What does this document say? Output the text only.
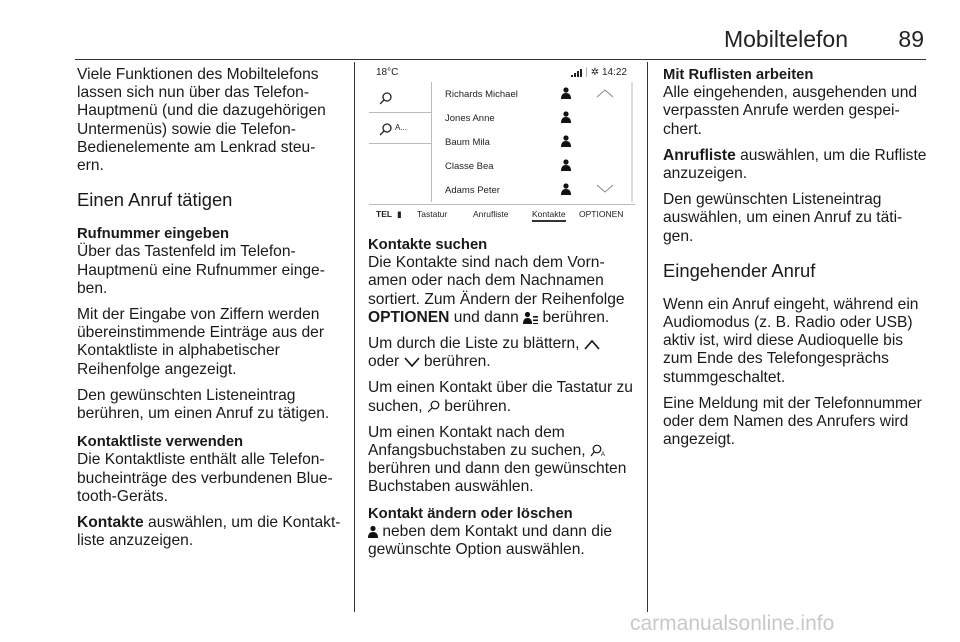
Mobiltelefon 89

Viele Funktionen des Mobiltelefons lassen sich nun über das Telefon-Hauptmenü (und die dazugehörigen Untermenüs) sowie die Telefon-Bedienelemente am Lenkrad steu-ern.

Einen Anruf tätigen
Rufnummer eingeben

Über das Tastenfeld im Telefon-Hauptmenü eine Rufnummer einge-ben.

Mit der Eingabe von Ziffern werden übereinstimmende Einträge aus der Kontaktliste in alphabetischer Reihenfolge angezeigt.

Den gewünschten Listeneintrag berühren, um einen Anruf zu tätigen.

Kontaktliste verwenden

Die Kontaktliste enthält alle Telefon-bucheinträge des verbundenen Blue-tooth-Geräts.

Kontakte auswählen, um die Kontakt-liste anzuzeigen.

18°C	| ✲ 14:22
A...
Richards Michael
Jones Anne
Baum Mila
Classe Bea
Adams Peter
TEL ▮ Tastatur	Anrufliste	Kontakte OPTIONEN
Kontakte suchen

Die Kontakte sind nach dem Vorn-amen oder nach dem Nachnamen sortiert. Zum Ändern der Reihenfolge OPTIONEN und dann  berühren.

Um durch die Liste zu blättern,
oder  berühren.

Um einen Kontakt über die Tastatur zu suchen,  berühren.

Um einen Kontakt nach dem Anfangsbuchstaben zu suchen, A
berühren und dann den gewünschten Buchstaben auswählen.

Kontakt ändern oder löschen

neben dem Kontakt und dann die gewünschte Option auswählen.

Mit Ruflisten arbeiten

Alle eingehenden, ausgehenden und verpassten Anrufe werden gespei-chert.

Anrufliste auswählen, um die Rufliste anzuzeigen.

Den gewünschten Listeneintrag auswählen, um einen Anruf zu täti-gen.

Eingehender Anruf

Wenn ein Anruf eingeht, während ein Audiomodus (z. B. Radio oder USB) aktiv ist, wird diese Audioquelle bis zum Ende des Telefongesprächs stummgeschaltet.

Eine Meldung mit der Telefonnummer oder dem Namen des Anrufers wird angezeigt.

carmanualsonline.info
